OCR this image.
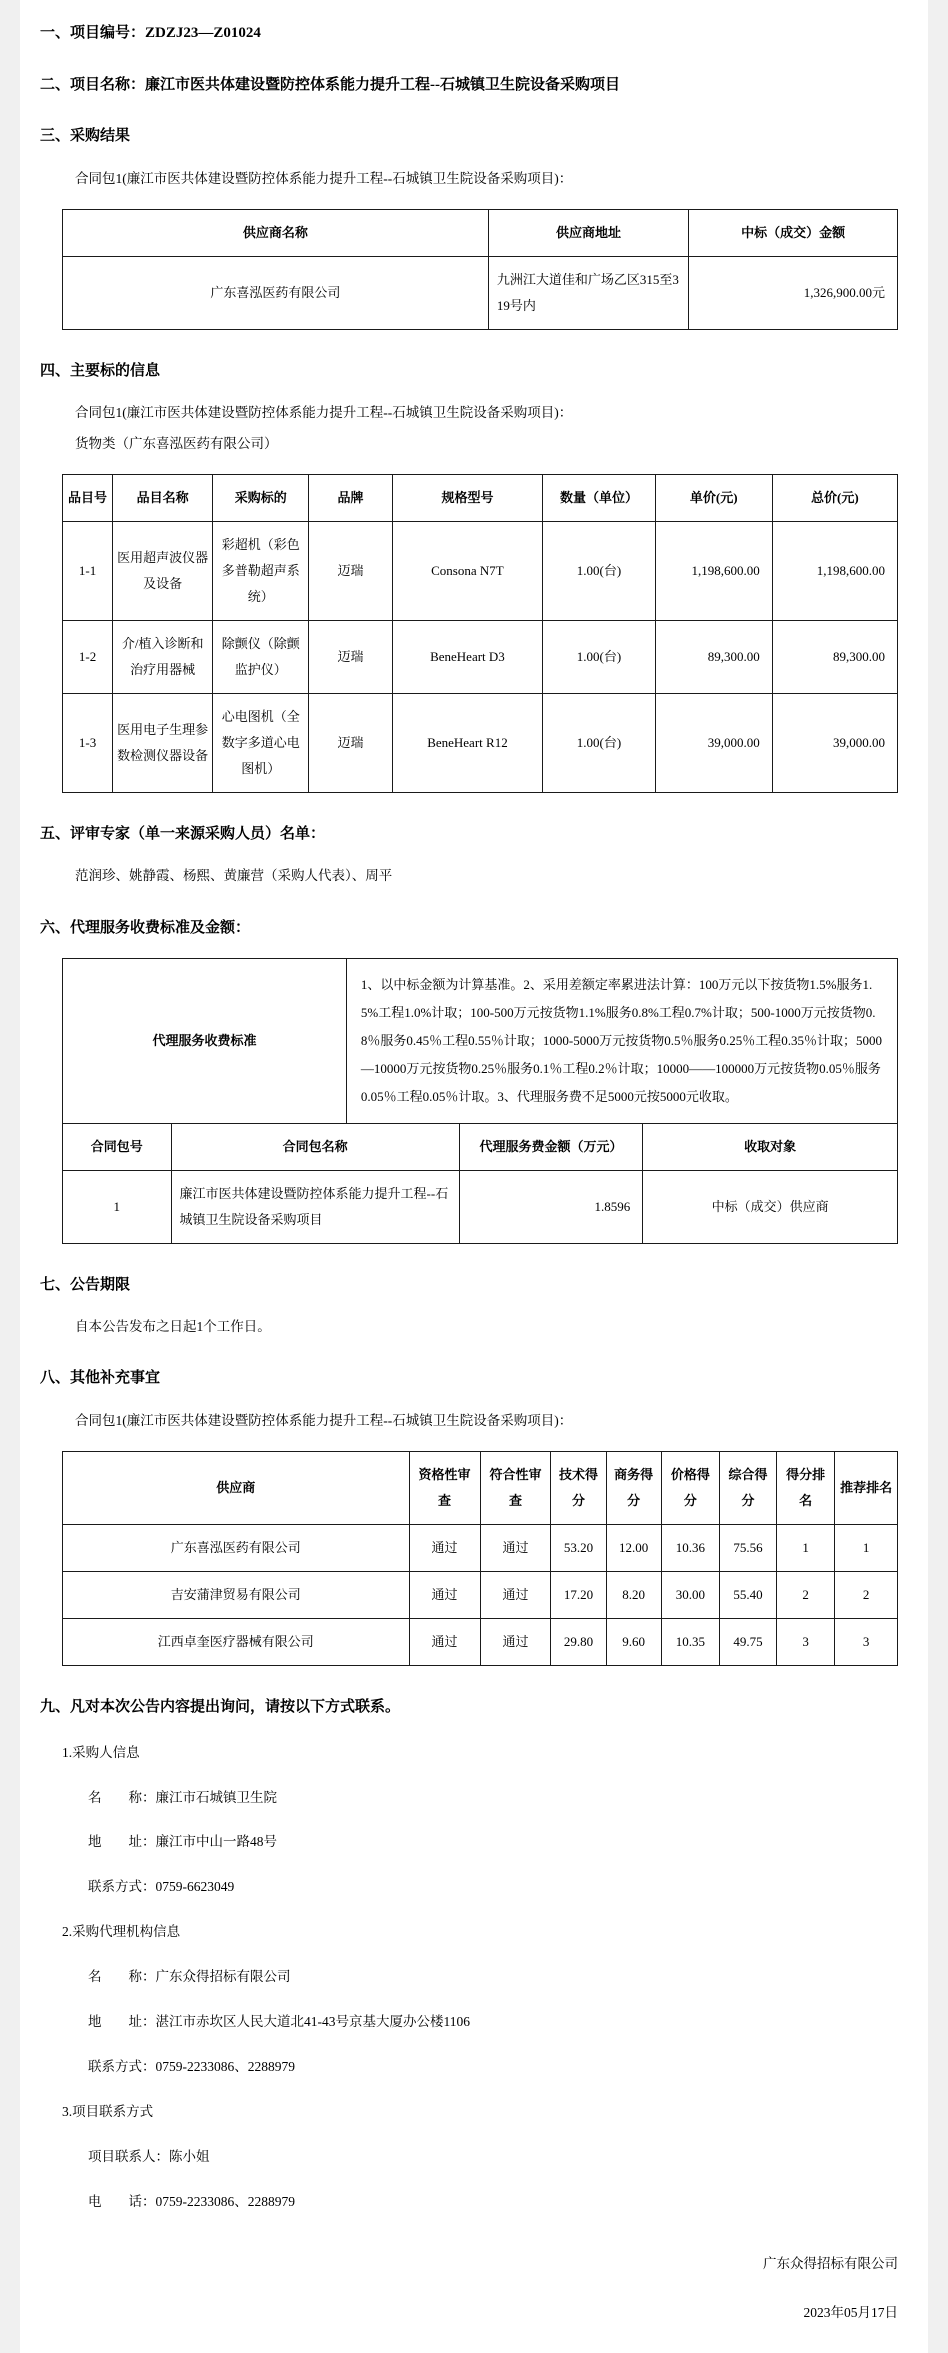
一、项目编号：ZDZJ23—Z01024
二、项目名称：廉江市医共体建设暨防控体系能力提升工程--石城镇卫生院设备采购项目
三、采购结果
合同包1(廉江市医共体建设暨防控体系能力提升工程--石城镇卫生院设备采购项目)：
供应商名称	供应商地址	中标（成交）金额
广东喜泓医药有限公司	九洲江大道佳和广场乙区315至319号内	1,326,900.00元
四、主要标的信息
合同包1(廉江市医共体建设暨防控体系能力提升工程--石城镇卫生院设备采购项目)：
货物类（广东喜泓医药有限公司）
品目号	品目名称	采购标的	品牌	规格型号	数量（单位）	单价(元)	总价(元)
1-1	医用超声波仪器及设备	彩超机（彩色多普勒超声系统）	迈瑞	Consona N7T	1.00(台)	1,198,600.00	1,198,600.00
1-2	介/植入诊断和治疗用器械	除颤仪（除颤监护仪）	迈瑞	BeneHeart D3	1.00(台)	89,300.00	89,300.00
1-3	医用电子生理参数检测仪器设备	心电图机（全数字多道心电图机）	迈瑞	BeneHeart R12	1.00(台)	39,000.00	39,000.00
五、评审专家（单一来源采购人员）名单：
范润珍、姚静霞、杨熙、黄廉营（采购人代表）、周平
六、代理服务收费标准及金额：
代理服务收费标准	1、以中标金额为计算基准。2、采用差额定率累进法计算：100万元以下按货物1.5%服务1.5%工程1.0%计取；100-500万元按货物1.1%服务0.8%工程0.7%计取；500-1000万元按货物0.8％服务0.45％工程0.55％计取；1000-5000万元按货物0.5％服务0.25％工程0.35％计取；5000—10000万元按货物0.25％服务0.1％工程0.2％计取；10000——100000万元按货物0.05％服务0.05％工程0.05％计取。3、代理服务费不足5000元按5000元收取。
合同包号	合同包名称	代理服务费金额（万元）	收取对象
1	廉江市医共体建设暨防控体系能力提升工程--石城镇卫生院设备采购项目	1.8596	中标（成交）供应商
七、公告期限
自本公告发布之日起1个工作日。
八、其他补充事宜
合同包1(廉江市医共体建设暨防控体系能力提升工程--石城镇卫生院设备采购项目)：
供应商	资格性审查	符合性审查	技术得分	商务得分	价格得分	综合得分	得分排名	推荐排名
广东喜泓医药有限公司	通过	通过	53.20	12.00	10.36	75.56	1	1
吉安蒲津贸易有限公司	通过	通过	17.20	8.20	30.00	55.40	2	2
江西卓奎医疗器械有限公司	通过	通过	29.80	9.60	10.35	49.75	3	3
九、凡对本次公告内容提出询问，请按以下方式联系。
1.采购人信息
名　　称：廉江市石城镇卫生院
地　　址：廉江市中山一路48号
联系方式：0759-6623049
2.采购代理机构信息
名　　称：广东众得招标有限公司
地　　址：湛江市赤坎区人民大道北41-43号京基大厦办公楼1106
联系方式：0759-2233086、2288979
3.项目联系方式
项目联系人：陈小姐
电　　话：0759-2233086、2288979
广东众得招标有限公司
2023年05月17日
